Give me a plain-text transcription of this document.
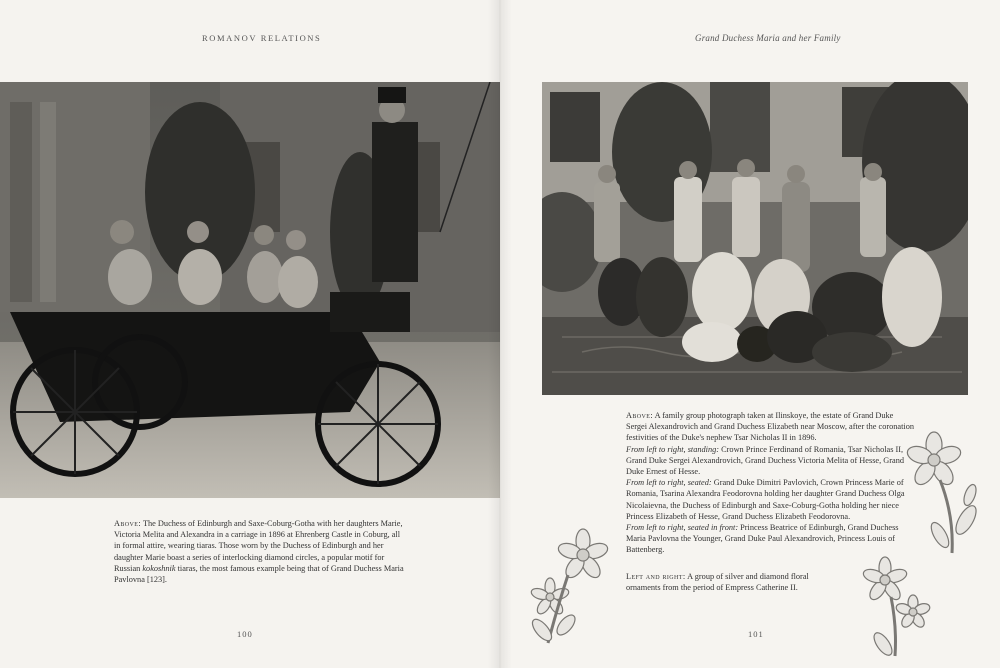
ROMANOV RELATIONS

Above: The Duchess of Edinburgh and Saxe-Coburg-Gotha with her daughters Marie, Victoria Melita and Alexandra in a carriage in 1896 at Ehrenberg Castle in Coburg, all in formal attire, wearing tiaras. Those worn by the Duchess of Edinburgh and her daughter Marie boast a series of interlocking diamond circles, a popular motif for Russian kokoshnik tiaras, the most famous example being that of Grand Duchess Maria Pavlovna [123].

100
Grand Duchess Maria and her Family

Above: A family group photograph taken at Ilinskoye, the estate of Grand Duke Sergei Alexandrovich and Grand Duchess Elizabeth near Moscow, after the coronation festivities of the Duke's nephew Tsar Nicholas II in 1896.

From left to right, standing: Crown Prince Ferdinand of Romania, Tsar Nicholas II, Grand Duke Sergei Alexandrovich, Grand Duchess Victoria Melita of Hesse, Grand Duke Ernest of Hesse.

From left to right, seated: Grand Duke Dimitri Pavlovich, Crown Princess Marie of Romania, Tsarina Alexandra Feodorovna holding her daughter Grand Duchess Olga Nicolaievna, the Duchess of Edinburgh and Saxe-Coburg-Gotha holding her niece Princess Elizabeth of Hesse, Grand Duchess Elizabeth Feodorovna.

From left to right, seated in front: Princess Beatrice of Edinburgh, Grand Duchess Maria Pavlovna the Younger, Grand Duke Paul Alexandrovich, Princess Louis of Battenberg.

Left and right: A group of silver and diamond floral ornaments from the period of Empress Catherine II.

101
